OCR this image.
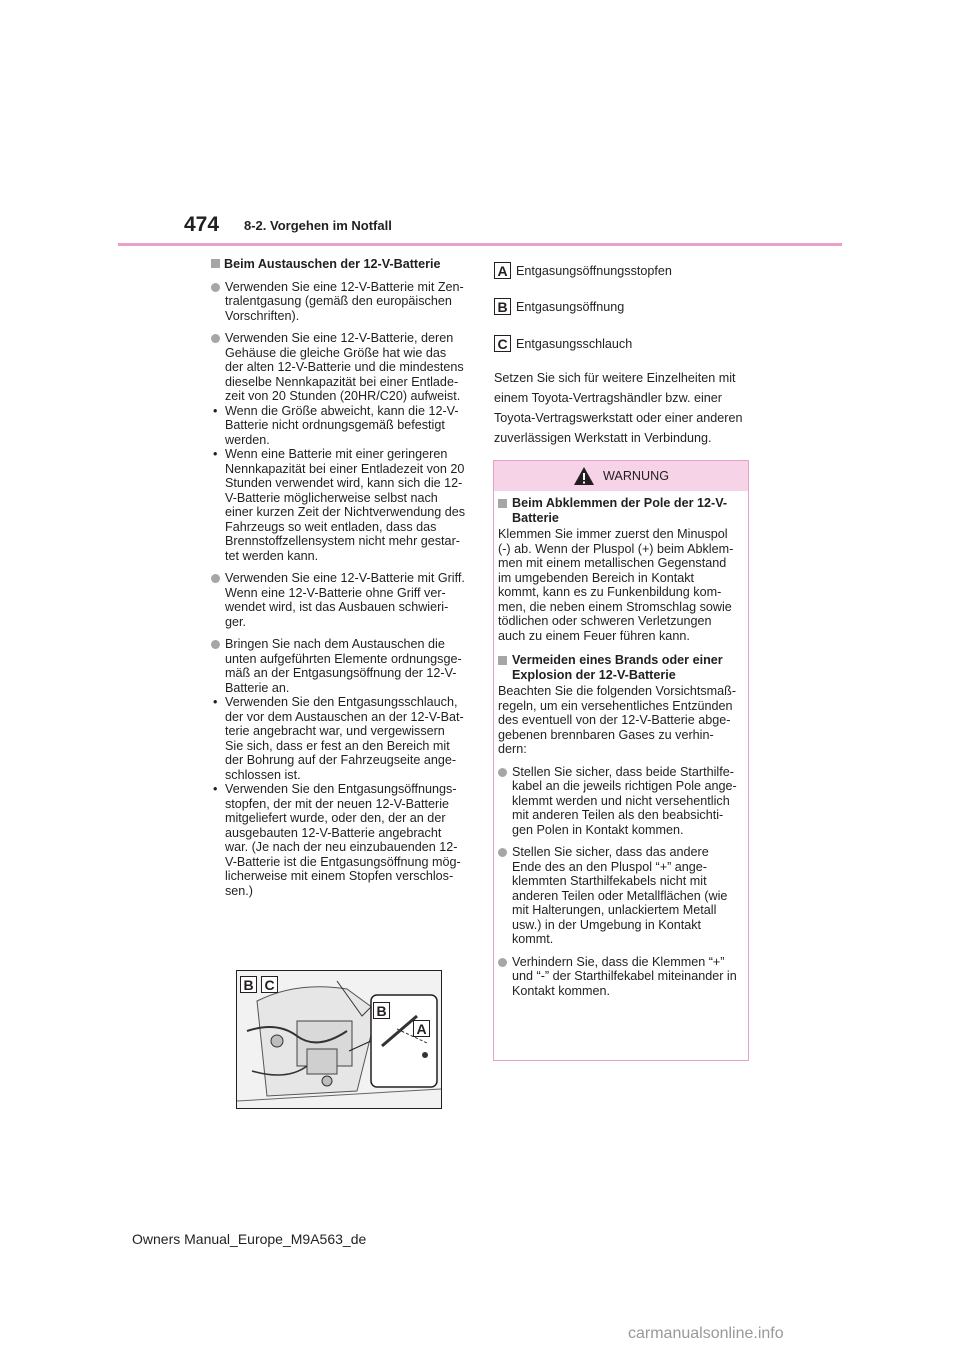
474 8-2. Vorgehen im Notfall

Beim Austauschen der 12-V-Batterie

Verwenden Sie eine 12-V-Batterie mit Zen-
tralentgasung (gemäß den europäischen
Vorschriften).
Verwenden Sie eine 12-V-Batterie, deren
Gehäuse die gleiche Größe hat wie das
der alten 12-V-Batterie und die mindestens
dieselbe Nennkapazität bei einer Entlade-
zeit von 20 Stunden (20HR/C20) aufweist.
• Wenn die Größe abweicht, kann die 12-V-
Batterie nicht ordnungsgemäß befestigt
werden.
• Wenn eine Batterie mit einer geringeren
Nennkapazität bei einer Entladezeit von 20
Stunden verwendet wird, kann sich die 12-
V-Batterie möglicherweise selbst nach
einer kurzen Zeit der Nichtverwendung des
Fahrzeugs so weit entladen, dass das
Brennstoffzellensystem nicht mehr gestar-
tet werden kann.
Verwenden Sie eine 12-V-Batterie mit Griff.
Wenn eine 12-V-Batterie ohne Griff ver-
wendet wird, ist das Ausbauen schwieri-
ger.
Bringen Sie nach dem Austauschen die
unten aufgeführten Elemente ordnungsge-
mäß an der Entgasungsöffnung der 12-V-
Batterie an.
• Verwenden Sie den Entgasungsschlauch,
der vor dem Austauschen an der 12-V-Bat-
terie angebracht war, und vergewissern
Sie sich, dass er fest an den Bereich mit
der Bohrung auf der Fahrzeugseite ange-
schlossen ist.
• Verwenden Sie den Entgasungsöffnungs-
stopfen, der mit der neuen 12-V-Batterie
mitgeliefert wurde, oder den, der an der
ausgebauten 12-V-Batterie angebracht
war. (Je nach der neu einzubauenden 12-
V-Batterie ist die Entgasungsöffnung mög-
licherweise mit einem Stopfen verschlos-
sen.)
B C
B
A
A Entgasungsöffnungsstopfen
B Entgasungsöffnung
C Entgasungsschlauch
Setzen Sie sich für weitere Einzelheiten mit
einem Toyota-Vertragshändler bzw. einer
Toyota-Vertragswerkstatt oder einer anderen
zuverlässigen Werkstatt in Verbindung.
WARNUNG
Beim Abklemmen der Pole der 12-V-
Batterie
Klemmen Sie immer zuerst den Minuspol
(-) ab. Wenn der Pluspol (+) beim Abklem-
men mit einem metallischen Gegenstand
im umgebenden Bereich in Kontakt
kommt, kann es zu Funkenbildung kom-
men, die neben einem Stromschlag sowie
tödlichen oder schweren Verletzungen
auch zu einem Feuer führen kann.
Vermeiden eines Brands oder einer
Explosion der 12-V-Batterie
Beachten Sie die folgenden Vorsichtsmaß-
regeln, um ein versehentliches Entzünden
des eventuell von der 12-V-Batterie abge-
gebenen brennbaren Gases zu verhin-
dern:
Stellen Sie sicher, dass beide Starthilfe-
kabel an die jeweils richtigen Pole ange-
klemmt werden und nicht versehentlich
mit anderen Teilen als den beabsichti-
gen Polen in Kontakt kommen.
Stellen Sie sicher, dass das andere
Ende des an den Pluspol “+” ange-
klemmten Starthilfekabels nicht mit
anderen Teilen oder Metallflächen (wie
mit Halterungen, unlackiertem Metall
usw.) in der Umgebung in Kontakt
kommt.
Verhindern Sie, dass die Klemmen “+”
und “-” der Starthilfekabel miteinander in
Kontakt kommen.
Owners Manual_Europe_M9A563_de
carmanualsonline.info
